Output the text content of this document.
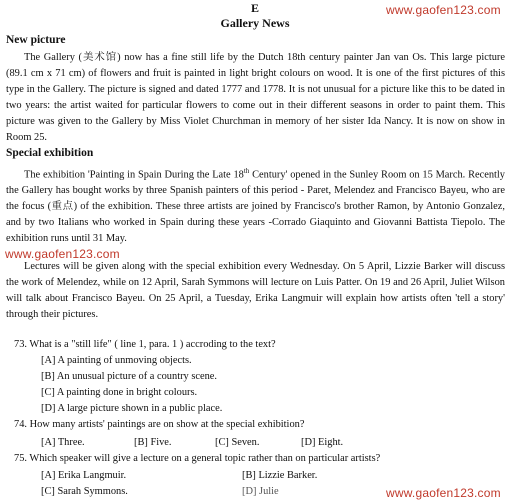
E	www.gaofen123.com
Gallery News
New picture

The Gallery (美术馆) now has a fine still life by the Dutch 18th century painter Jan van Os. This large picture (89.1 cm x 71 cm) of flowers and fruit is painted in light bright colours on wood. It is one of the first pictures of this type in the Gallery. The picture is signed and dated 1777 and 1778. It is not unusual for a picture like this to be dated in two years: the artist waited for particular flowers to come out in their different seasons in order to paint them. This picture was given to the Gallery by Miss Violet Churchman in memory of her sister Ida Nancy. It is now on show in Room 25.

Special exhibition

The exhibition 'Painting in Spain During the Late 18th Century' opened in the Sunley Room on 15 March. Recently the Gallery has bought works by three Spanish painters of this period - Paret, Melendez and Francisco Bayeu, who are the focus (重点) of the exhibition. These three artists are joined by Francisco's brother Ramon, by Antonio Gonzalez, and by two Italians who worked in Spain during these years -Corrado Giaquinto and Giovanni Battista Tiepolo. The exhibition runs until 31 May.

www.gaofen123.com

Lectures will be given along with the special exhibition every Wednesday. On 5 April, Lizzie Barker will discuss the work of Melendez, while on 12 April, Sarah Symmons will lecture on Luis Patter. On 19 and 26 April, Juliet Wilson will talk about Francisco Bayeu. On 25 April, a Tuesday, Erika Langmuir will explain how artists often 'tell a story' through their pictures.

73. What is a "still life" ( line 1, para. 1 ) accroding to the text?
[A] A painting of unmoving objects.
[B] An unusual picture of a country scene.
[C] A painting done in bright colours.
[D] A large picture shown in a public place.
74. How many artists' paintings are on show at the special exhibition?
[A] Three.	[B] Five.	[C] Seven.	[D] Eight.
75. Which speaker will give a lecture on a general topic rather than on particular artists?
[A] Erika Langmuir.	[B] Lizzie Barker.
[C] Sarah Symmons.	[D] Julie	www.gaofen123.com
